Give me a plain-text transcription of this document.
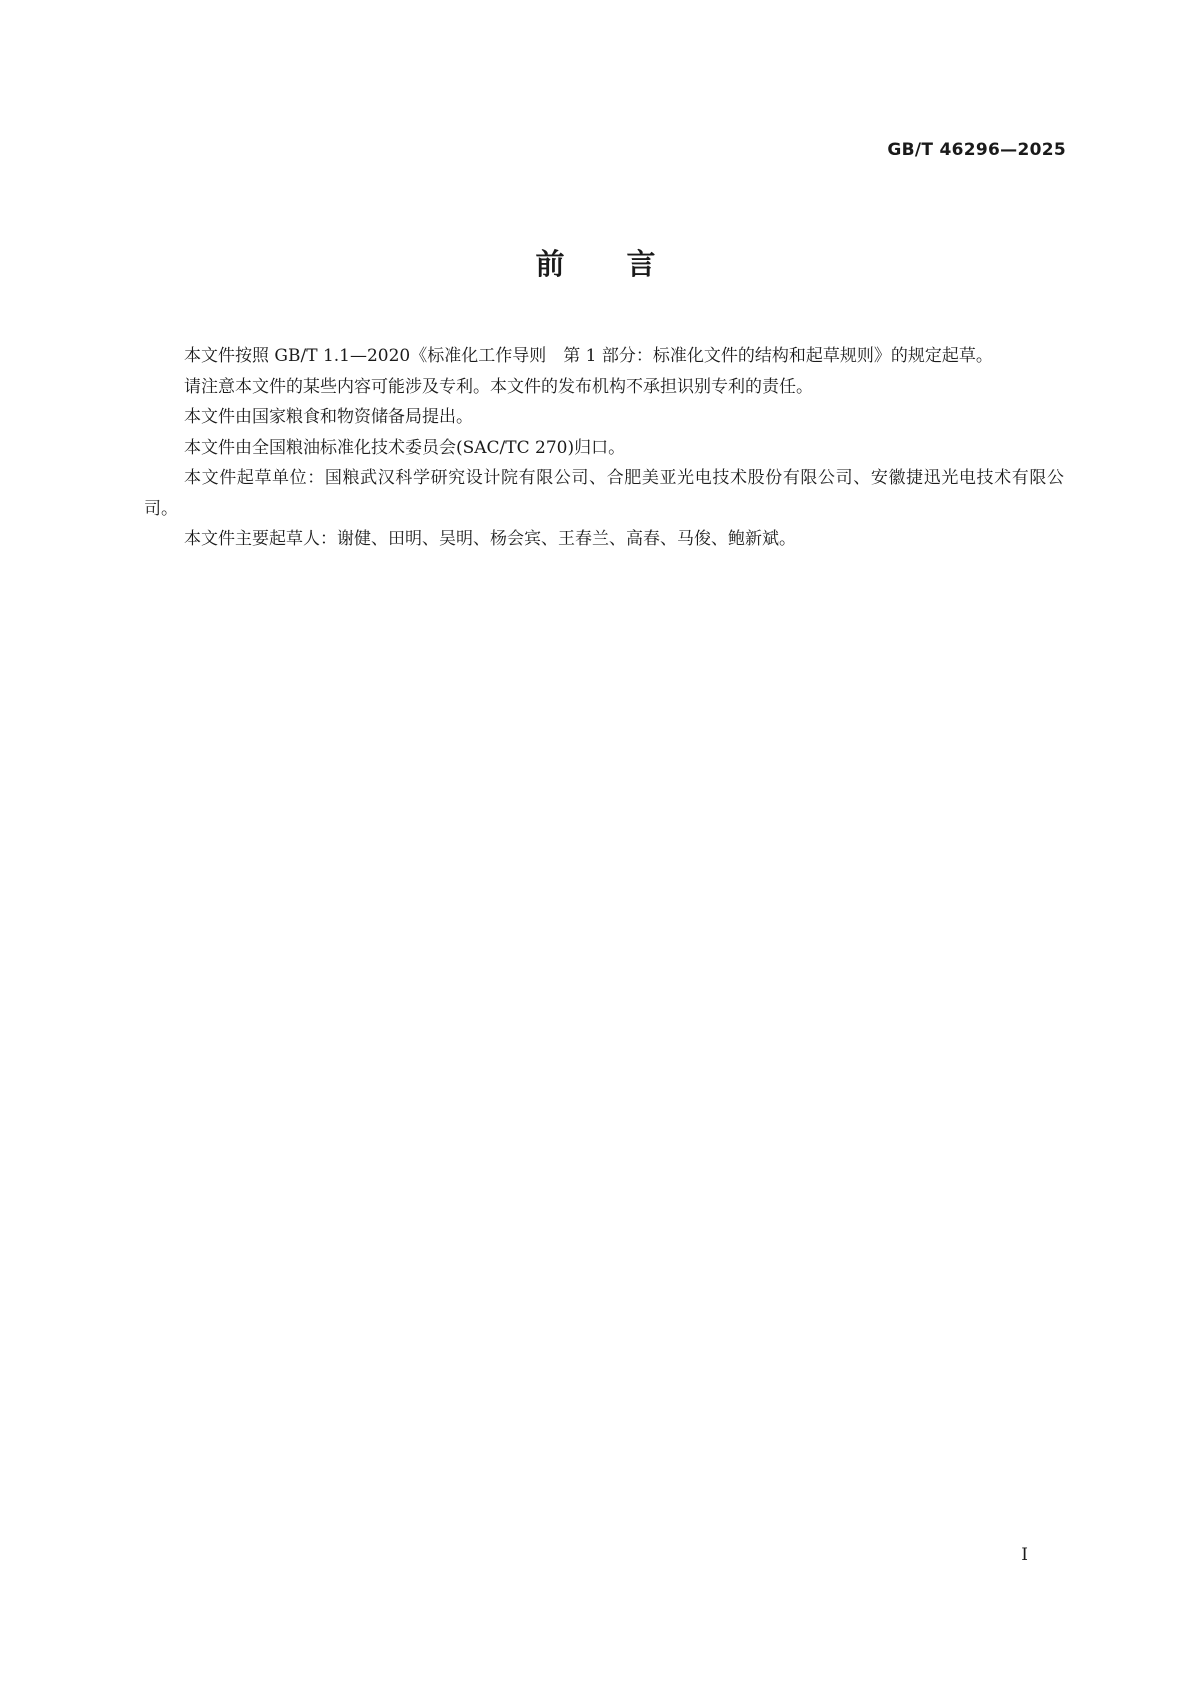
GB/T 46296—2025
前 言

本文件按照 GB/T 1.1—2020《标准化工作导则　第 1 部分：标准化文件的结构和起草规则》的规定起草。

请注意本文件的某些内容可能涉及专利。本文件的发布机构不承担识别专利的责任。

本文件由国家粮食和物资储备局提出。

本文件由全国粮油标准化技术委员会(SAC/TC 270)归口。

本文件起草单位：国粮武汉科学研究设计院有限公司、合肥美亚光电技术股份有限公司、安徽捷迅光电技术有限公司。

本文件主要起草人：谢健、田明、吴明、杨会宾、王春兰、高春、马俊、鲍新斌。

I
